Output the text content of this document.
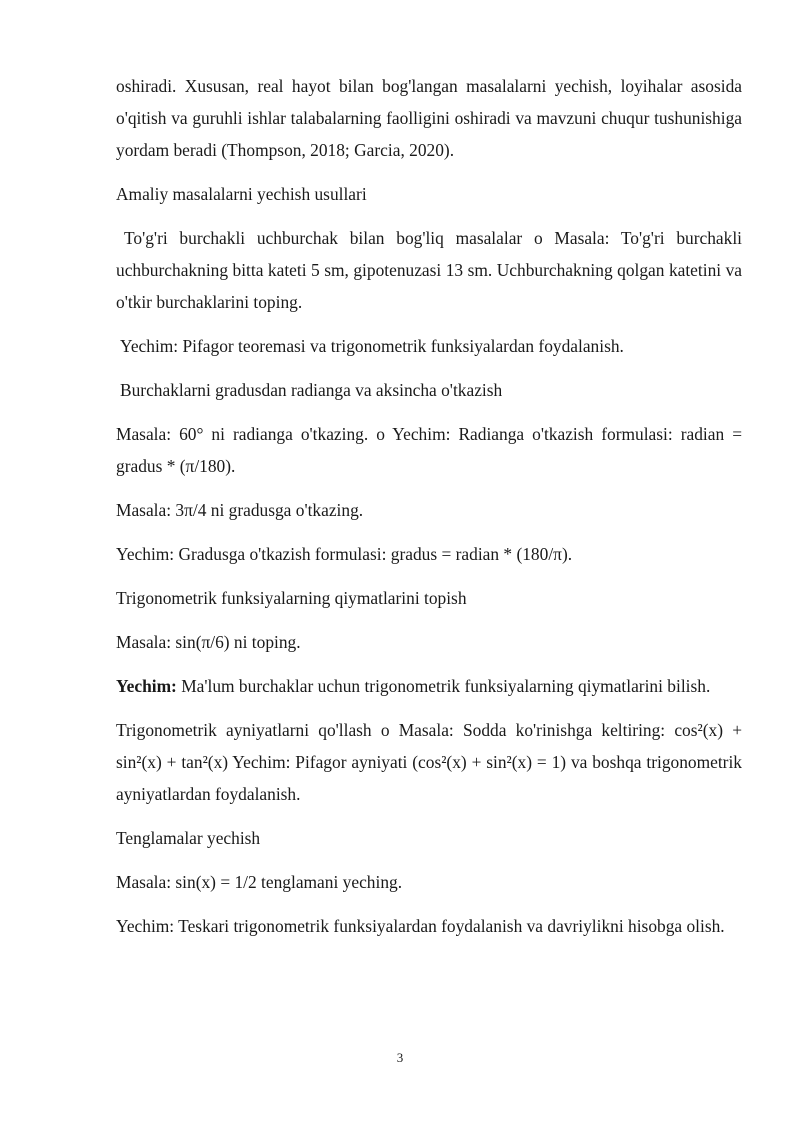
oshiradi. Xususan, real hayot bilan bog'langan masalalarni yechish, loyihalar asosida o'qitish va guruhli ishlar talabalarning faolligini oshiradi va mavzuni chuqur tushunishiga yordam beradi (Thompson, 2018; Garcia, 2020).

Amaliy masalalarni yechish usullari

To'g'ri burchakli uchburchak bilan bog'liq masalalar o Masala: To'g'ri burchakli uchburchakning bitta kateti 5 sm, gipotenuzasi 13 sm. Uchburchakning qolgan katetini va o'tkir burchaklarini toping.

Yechim: Pifagor teoremasi va trigonometrik funksiyalardan foydalanish.

Burchaklarni gradusdan radianga va aksincha o'tkazish

Masala: 60° ni radianga o'tkazing. o Yechim: Radianga o'tkazish formulasi: radian = gradus * (π/180).

Masala: 3π/4 ni gradusga o'tkazing.

Yechim: Gradusga o'tkazish formulasi: gradus = radian * (180/π).

Trigonometrik funksiyalarning qiymatlarini topish

Masala: sin(π/6) ni toping.

Yechim: Ma'lum burchaklar uchun trigonometrik funksiyalarning qiymatlarini bilish.

Trigonometrik ayniyatlarni qo'llash o Masala: Sodda ko'rinishga keltiring: cos²(x) + sin²(x) + tan²(x) Yechim: Pifagor ayniyati (cos²(x) + sin²(x) = 1) va boshqa trigonometrik ayniyatlardan foydalanish.

Tenglamalar yechish

Masala: sin(x) = 1/2 tenglamani yeching.

Yechim: Teskari trigonometrik funksiyalardan foydalanish va davriylikni hisobga olish.

3
